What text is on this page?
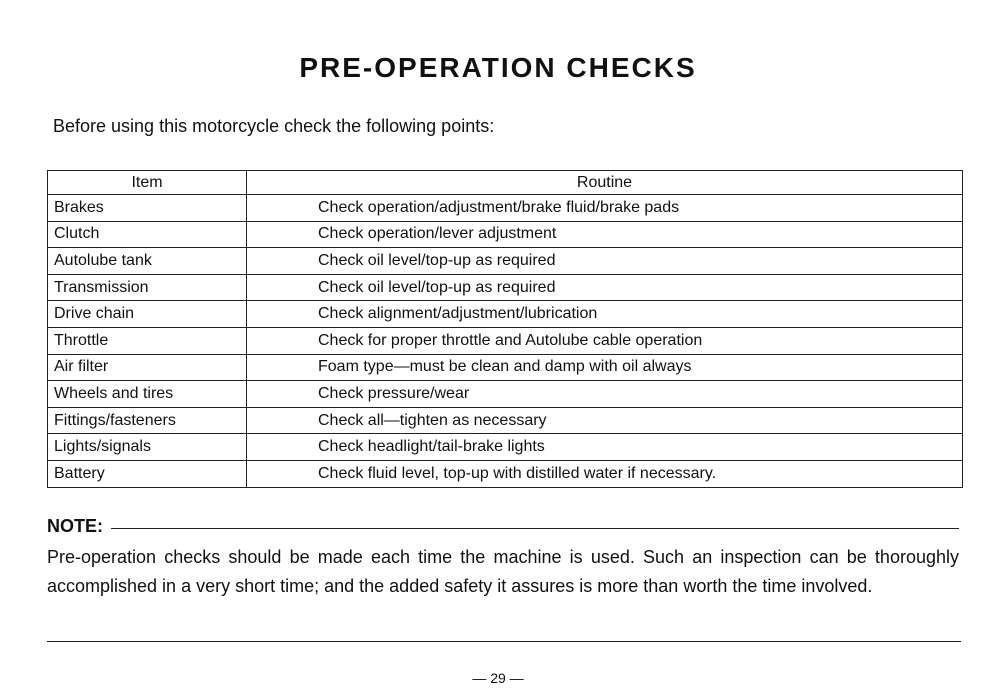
PRE-OPERATION CHECKS
Before using this motorcycle check the following points:
Item	Routine
Brakes	Check operation/adjustment/brake fluid/brake pads
Clutch	Check operation/lever adjustment
Autolube tank	Check oil level/top-up as required
Transmission	Check oil level/top-up as required
Drive chain	Check alignment/adjustment/lubrication
Throttle	Check for proper throttle and Autolube cable operation
Air filter	Foam type—must be clean and damp with oil always
Wheels and tires	Check pressure/wear
Fittings/fasteners	Check all—tighten as necessary
Lights/signals	Check headlight/tail-brake lights
Battery	Check fluid level, top-up with distilled water if necessary.
NOTE:
Pre-operation checks should be made each time the machine is used. Such an inspection can be thoroughly accomplished in a very short time; and the added safety it assures is more than worth the time involved.
— 29 —
